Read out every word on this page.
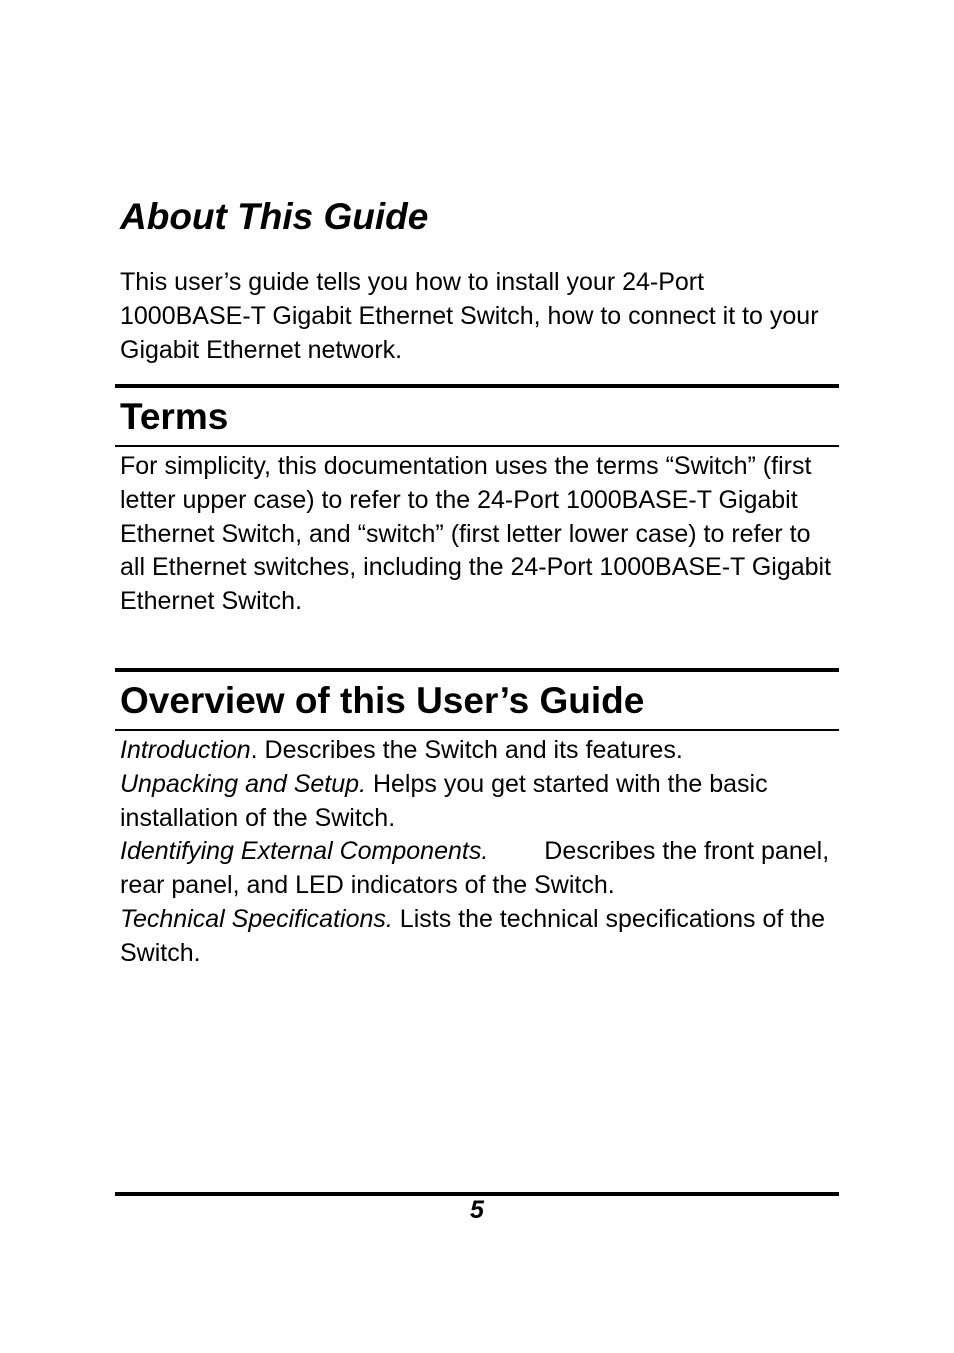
About This Guide

This user’s guide tells you how to install your 24-Port 1000BASE-T Gigabit Ethernet Switch, how to connect it to your Gigabit Ethernet network.

Terms

For simplicity, this documentation uses the terms “Switch” (first letter upper case) to refer to the 24-Port 1000BASE-T Gigabit Ethernet Switch, and “switch” (first letter lower case) to refer to all Ethernet switches, including the 24-Port 1000BASE-T Gigabit Ethernet Switch.

Overview of this User’s Guide

Introduction. Describes the Switch and its features.

Unpacking and Setup. Helps you get started with the basic installation of the Switch.

Identifying External Components. Describes the front panel, rear panel, and LED indicators of the Switch.

Technical Specifications. Lists the technical specifications of the Switch.

5
